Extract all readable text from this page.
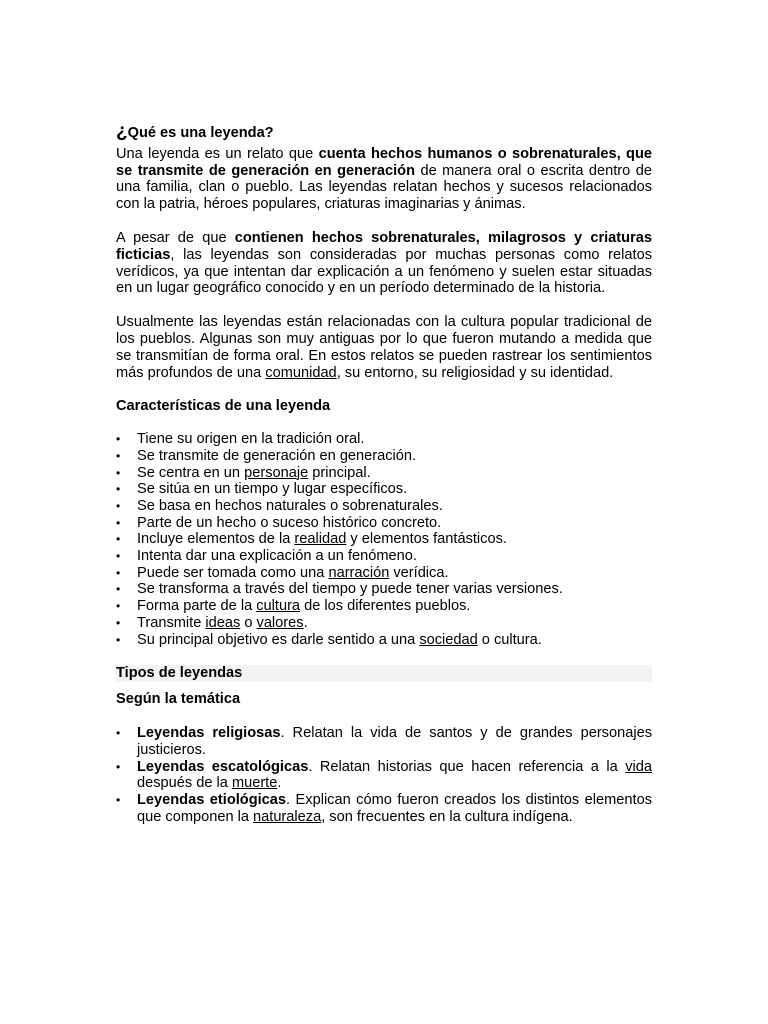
¿Qué es una leyenda?

Una leyenda es un relato que cuenta hechos humanos o sobrenaturales, que se transmite de generación en generación de manera oral o escrita dentro de una familia, clan o pueblo. Las leyendas relatan hechos y sucesos relacionados con la patria, héroes populares, criaturas imaginarias y ánimas.

A pesar de que contienen hechos sobrenaturales, milagrosos y criaturas ficticias, las leyendas son consideradas por muchas personas como relatos verídicos, ya que intentan dar explicación a un fenómeno y suelen estar situadas en un lugar geográfico conocido y en un período determinado de la historia.

Usualmente las leyendas están relacionadas con la cultura popular tradicional de los pueblos. Algunas son muy antiguas por lo que fueron mutando a medida que se transmitían de forma oral. En estos relatos se pueden rastrear los sentimientos más profundos de una comunidad, su entorno, su religiosidad y su identidad.

Características de una leyenda
• Tiene su origen en la tradición oral.
• Se transmite de generación en generación.
• Se centra en un personaje principal.
• Se sitúa en un tiempo y lugar específicos.
• Se basa en hechos naturales o sobrenaturales.
• Parte de un hecho o suceso histórico concreto.
• Incluye elementos de la realidad y elementos fantásticos.
• Intenta dar una explicación a un fenómeno.
• Puede ser tomada como una narración verídica.
• Se transforma a través del tiempo y puede tener varias versiones.
• Forma parte de la cultura de los diferentes pueblos.
• Transmite ideas o valores.
• Su principal objetivo es darle sentido a una sociedad o cultura.
Tipos de leyendas
Según la temática
• Leyendas religiosas. Relatan la vida de santos y de grandes personajes justicieros.
• Leyendas escatológicas. Relatan historias que hacen referencia a la vida después de la muerte.
• Leyendas etiológicas. Explican cómo fueron creados los distintos elementos que componen la naturaleza, son frecuentes en la cultura indígena.
